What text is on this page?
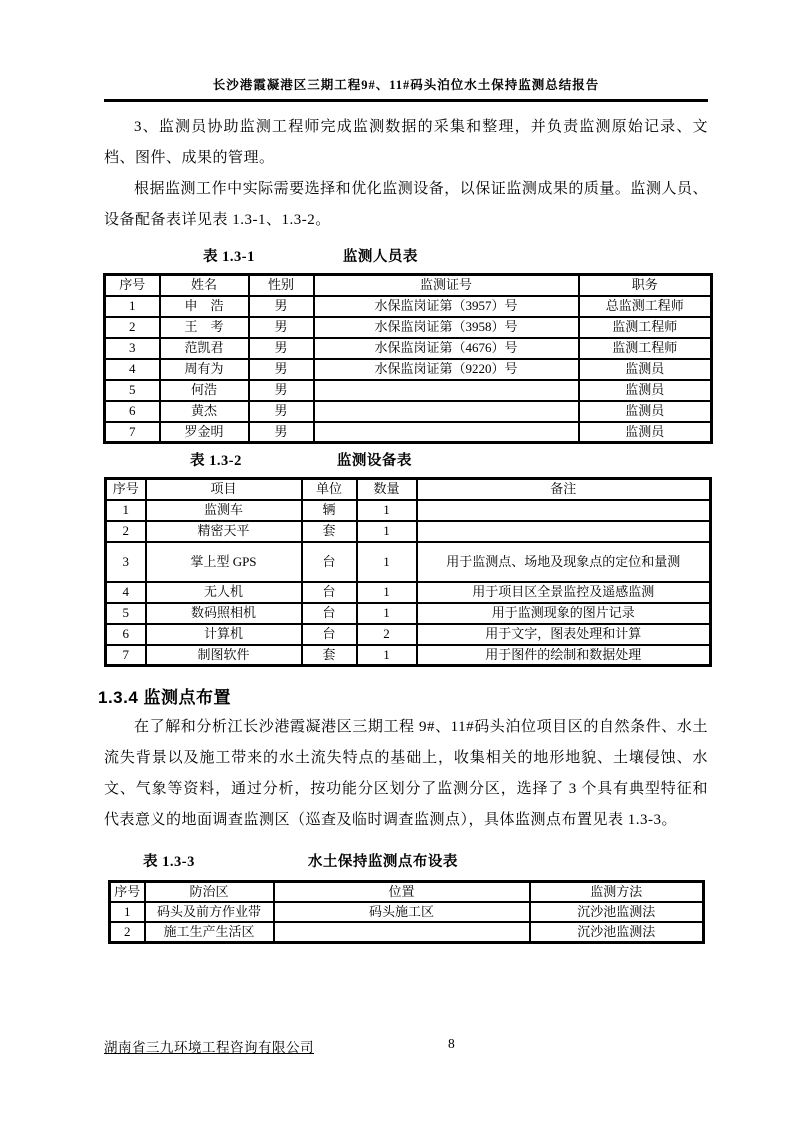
长沙港霞凝港区三期工程9#、11#码头泊位水土保持监测总结报告

3、监测员协助监测工程师完成监测数据的采集和整理，并负责监测原始记录、文档、图件、成果的管理。

根据监测工作中实际需要选择和优化监测设备，以保证监测成果的质量。监测人员、设备配备表详见表 1.3-1、1.3-2。

表 1.3-1	监测人员表
序号	姓名	性别	监测证号	职务
1	申　浩	男	水保监岗证第（3957）号	总监测工程师
2	王　考	男	水保监岗证第（3958）号	监测工程师
3	范凯君	男	水保监岗证第（4676）号	监测工程师
4	周有为	男	水保监岗证第（9220）号	监测员
5	何浩	男		监测员
6	黄杰	男		监测员
7	罗金明	男		监测员
表 1.3-2	监测设备表
序号	项目	单位	数量	备注
1	监测车	辆	1	
2	精密天平	套	1	
3	掌上型 GPS	台	1	用于监测点、场地及现象点的定位和量测
4	无人机	台	1	用于项目区全景监控及遥感监测
5	数码照相机	台	1	用于监测现象的图片记录
6	计算机	台	2	用于文字，图表处理和计算
7	制图软件	套	1	用于图件的绘制和数据处理
1.3.4 监测点布置

在了解和分析江长沙港霞凝港区三期工程 9#、11#码头泊位项目区的自然条件、水土流失背景以及施工带来的水土流失特点的基础上，收集相关的地形地貌、土壤侵蚀、水文、气象等资料，通过分析，按功能分区划分了监测分区，选择了 3 个具有典型特征和代表意义的地面调查监测区（巡查及临时调查监测点），具体监测点布置见表 1.3-3。

表 1.3-3	水土保持监测点布设表
序号	防治区	位置	监测方法
1	码头及前方作业带	码头施工区	沉沙池监测法
2	施工生产生活区		沉沙池监测法
湖南省三九环境工程咨询有限公司	8
